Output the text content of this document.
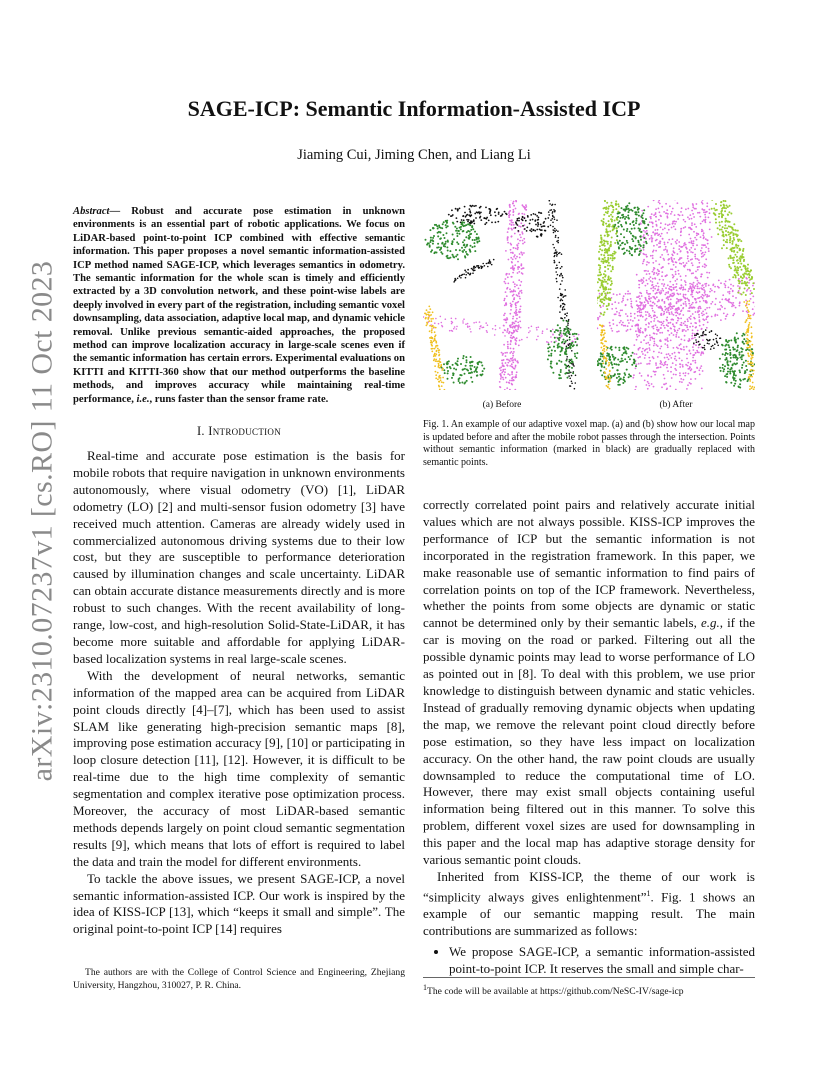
arXiv:2310.07237v1 [cs.RO] 11 Oct 2023
SAGE-ICP: Semantic Information-Assisted ICP
Jiaming Cui, Jiming Chen, and Liang Li
Abstract— Robust and accurate pose estimation in unknown environments is an essential part of robotic applications. We focus on LiDAR-based point-to-point ICP combined with effective semantic information. This paper proposes a novel semantic information-assisted ICP method named SAGE-ICP, which leverages semantics in odometry. The semantic information for the whole scan is timely and efficiently extracted by a 3D convolution network, and these point-wise labels are deeply involved in every part of the registration, including semantic voxel downsampling, data association, adaptive local map, and dynamic vehicle removal. Unlike previous semantic-aided approaches, the proposed method can improve localization accuracy in large-scale scenes even if the semantic information has certain errors. Experimental evaluations on KITTI and KITTI-360 show that our method outperforms the baseline methods, and improves accuracy while maintaining real-time performance, i.e., runs faster than the sensor frame rate.
I. Introduction

Real-time and accurate pose estimation is the basis for mobile robots that require navigation in unknown environments autonomously, where visual odometry (VO) [1], LiDAR odometry (LO) [2] and multi-sensor fusion odometry [3] have received much attention. Cameras are already widely used in commercialized autonomous driving systems due to their low cost, but they are susceptible to performance deterioration caused by illumination changes and scale uncertainty. LiDAR can obtain accurate distance measurements directly and is more robust to such changes. With the recent availability of long-range, low-cost, and high-resolution Solid-State-LiDAR, it has become more suitable and affordable for applying LiDAR-based localization systems in real large-scale scenes.

With the development of neural networks, semantic information of the mapped area can be acquired from LiDAR point clouds directly [4]–[7], which has been used to assist SLAM like generating high-precision semantic maps [8], improving pose estimation accuracy [9], [10] or participating in loop closure detection [11], [12]. However, it is difficult to be real-time due to the high time complexity of semantic segmentation and complex iterative pose optimization process. Moreover, the accuracy of most LiDAR-based semantic methods depends largely on point cloud semantic segmentation results [9], which means that lots of effort is required to label the data and train the model for different environments.

To tackle the above issues, we present SAGE-ICP, a novel semantic information-assisted ICP. Our work is inspired by the idea of KISS-ICP [13], which “keeps it small and simple”. The original point-to-point ICP [14] requires

The authors are with the College of Control Science and Engineering, Zhejiang University, Hangzhou, 310027, P. R. China.

(a) Before	(b) After
Fig. 1. An example of our adaptive voxel map. (a) and (b) show how our local map is updated before and after the mobile robot passes through the intersection. Points without semantic information (marked in black) are gradually replaced with semantic points.

correctly correlated point pairs and relatively accurate initial values which are not always possible. KISS-ICP improves the performance of ICP but the semantic information is not incorporated in the registration framework. In this paper, we make reasonable use of semantic information to find pairs of correlation points on top of the ICP framework. Nevertheless, whether the points from some objects are dynamic or static cannot be determined only by their semantic labels, e.g., if the car is moving on the road or parked. Filtering out all the possible dynamic points may lead to worse performance of LO as pointed out in [8]. To deal with this problem, we use prior knowledge to distinguish between dynamic and static vehicles. Instead of gradually removing dynamic objects when updating the map, we remove the relevant point cloud directly before pose estimation, so they have less impact on localization accuracy. On the other hand, the raw point clouds are usually downsampled to reduce the computational time of LO. However, there may exist small objects containing useful information being filtered out in this manner. To solve this problem, different voxel sizes are used for downsampling in this paper and the local map has adaptive storage density for various semantic point clouds.

Inherited from KISS-ICP, the theme of our work is “simplicity always gives enlightenment”$^1$. Fig. 1 shows an example of our semantic mapping result. The main contributions are summarized as follows:

• We propose SAGE-ICP, a semantic information-assisted point-to-point ICP. It reserves the small and simple char-
$^1$The code will be available at https://github.com/NeSC-IV/sage-icp
